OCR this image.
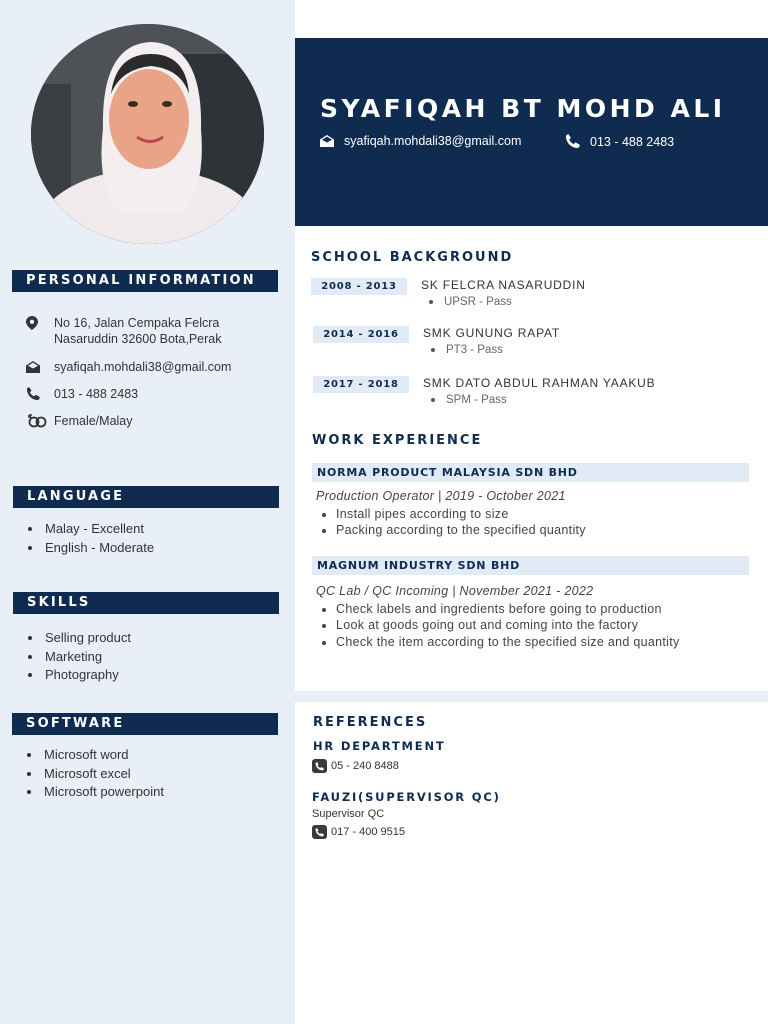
PERSONAL INFORMATION
No 16, Jalan Cempaka Felcra
Nasaruddin 32600 Bota,Perak
syafiqah.mohdali38@gmail.com
013 - 488 2483
Female/Malay
LANGUAGE
• Malay - Excellent
• English - Moderate
SKILLS
• Selling product
• Marketing
• Photography
SOFTWARE
• Microsoft word
• Microsoft excel
• Microsoft powerpoint
SYAFIQAH BT MOHD ALI
syafiqah.mohdali38@gmail.com	013 - 488 2483
SCHOOL BACKGROUND
2008 - 2013	SK FELCRA NASARUDDIN
UPSR - Pass
2014 - 2016	SMK GUNUNG RAPAT
PT3 - Pass
2017 - 2018	SMK DATO ABDUL RAHMAN YAAKUB
SPM - Pass
WORK EXPERIENCE
NORMA PRODUCT MALAYSIA SDN BHD
Production Operator | 2019 - October 2021
• Install pipes according to size
• Packing according to the specified quantity
MAGNUM INDUSTRY SDN BHD
QC Lab / QC Incoming | November 2021 - 2022
• Check labels and ingredients before going to production
• Look at goods going out and coming into the factory
• Check the item according to the specified size and quantity
REFERENCES
HR DEPARTMENT
05 - 240 8488
FAUZI(SUPERVISOR QC)
Supervisor QC
017 - 400 9515
